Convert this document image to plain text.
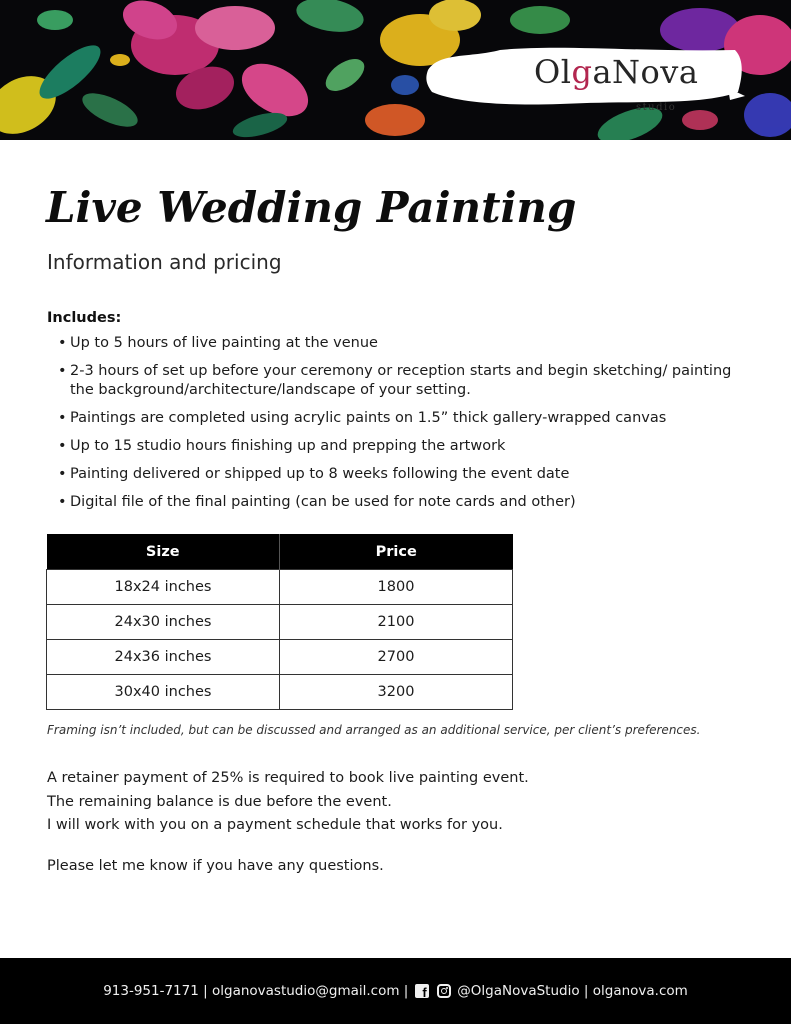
OlgaNova
studio
Live Wedding Painting
Information and pricing
Includes:
• Up to 5 hours of live painting at the venue
• 2-3 hours of set up before your ceremony or reception starts and begin sketching/ painting the background/architecture/landscape of your setting.
• Paintings are completed using acrylic paints on 1.5” thick gallery-wrapped canvas
• Up to 15 studio hours finishing up and prepping the artwork
• Painting delivered or shipped up to 8 weeks following the event date
• Digital file of the final painting (can be used for note cards and other)
Size	Price
18x24 inches	1800
24x30 inches	2100
24x36 inches	2700
30x40 inches	3200
Framing isn’t included, but can be discussed and arranged as an additional service, per client’s preferences.

A retainer payment of 25% is required to book live painting event.

The remaining balance is due before the event.

I will work with you on a payment schedule that works for you.

Please let me know if you have any questions.
913-951-7171 | olganovastudio@gmail.com | f	@OlgaNovaStudio | olganova.com
